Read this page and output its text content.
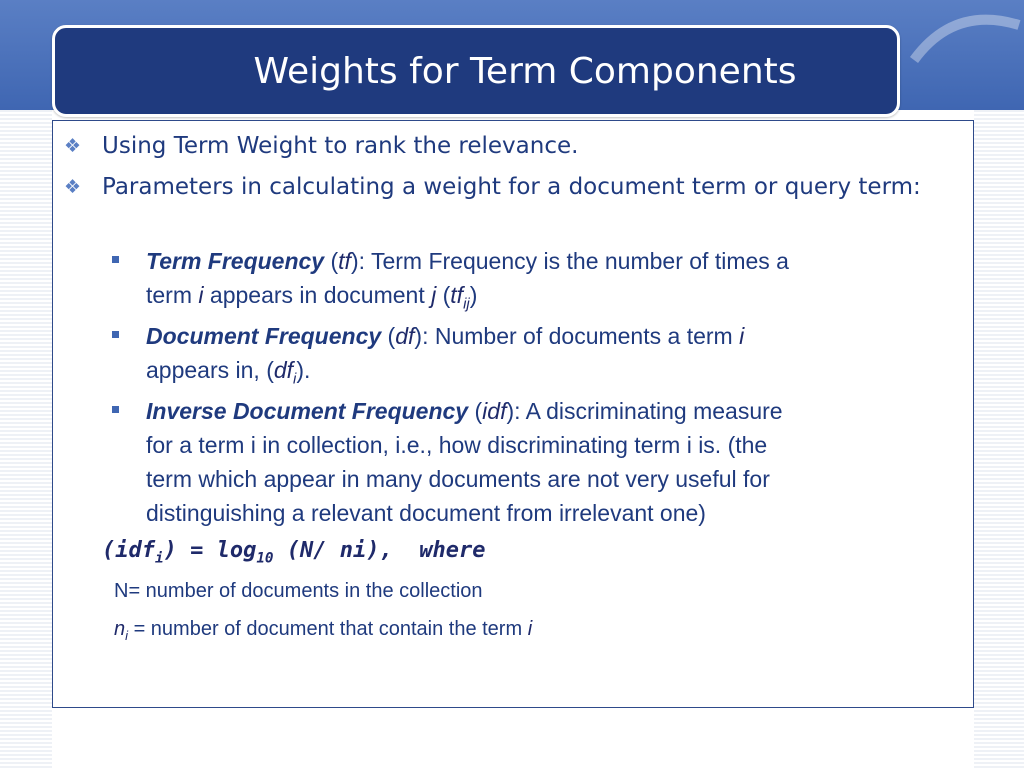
Weights for Term Components
❖ Using Term Weight to rank the relevance.
❖ Parameters in calculating a weight for a document term or query term:
Term Frequency (tf): Term Frequency is the number of times a
term i appears in document j $(tf_{ij})$
Document Frequency (df): Number of documents a term i
appears in, $(df_i)$.
Inverse Document Frequency (idf): A discriminating measure
for a term i in collection, i.e., how discriminating term i is. (the
term which appear in many documents are not very useful for
distinguishing a relevant document from irrelevant one)
$(idf_i) = \log_{10} (N/$ ni),  where
N= number of documents in the collection
$n_i$ = number of document that contain the term i
